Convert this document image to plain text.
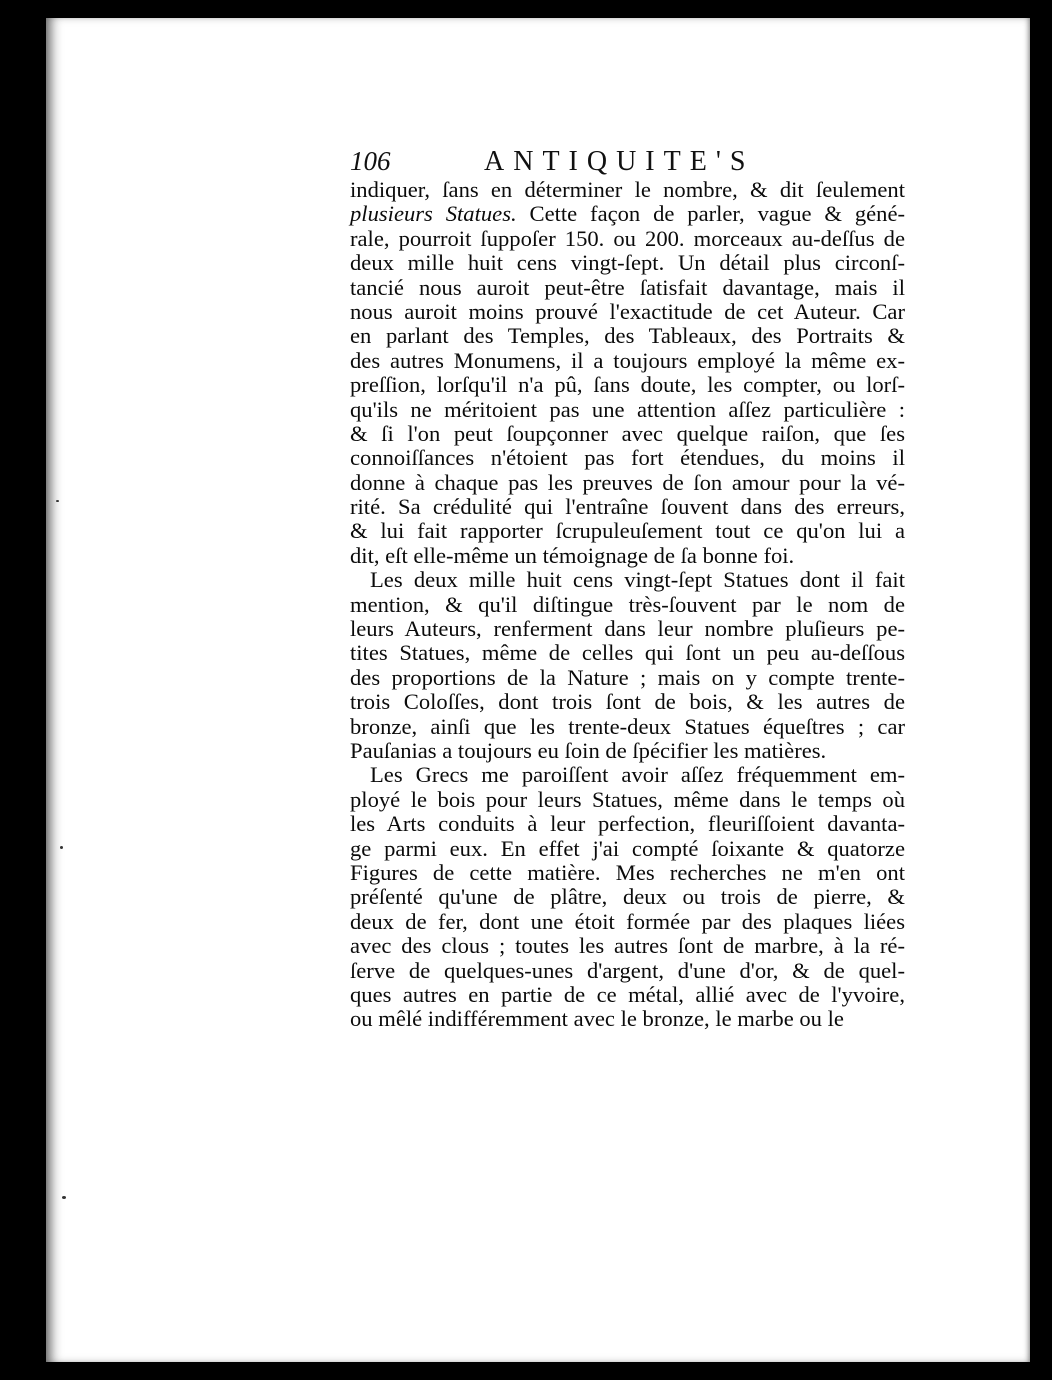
106	ANTIQUITE'S
indiquer, ſans en déterminer le nombre, & dit ſeulement
plusieurs Statues. Cette façon de parler, vague & géné-
rale, pourroit ſuppoſer 150. ou 200. morceaux au-deſſus de
deux mille huit cens vingt-ſept. Un détail plus circonſ-
tancié nous auroit peut-être ſatisfait davantage, mais il
nous auroit moins prouvé l'exactitude de cet Auteur. Car
en parlant des Temples, des Tableaux, des Portraits &
des autres Monumens, il a toujours employé la même ex-
preſſion, lorſqu'il n'a pû, ſans doute, les compter, ou lorſ-
qu'ils ne méritoient pas une attention aſſez particulière :
& ſi l'on peut ſoupçonner avec quelque raiſon, que ſes
connoiſſances n'étoient pas fort étendues, du moins il
donne à chaque pas les preuves de ſon amour pour la vé-
rité. Sa crédulité qui l'entraîne ſouvent dans des erreurs,
& lui fait rapporter ſcrupuleuſement tout ce qu'on lui a
dit, eſt elle-même un témoignage de ſa bonne foi.
Les deux mille huit cens vingt-ſept Statues dont il fait
mention, & qu'il diſtingue très-ſouvent par le nom de
leurs Auteurs, renferment dans leur nombre pluſieurs pe-
tites Statues, même de celles qui ſont un peu au-deſſous
des proportions de la Nature ; mais on y compte trente-
trois Coloſſes, dont trois ſont de bois, & les autres de
bronze, ainſi que les trente-deux Statues équeſtres ; car
Pauſanias a toujours eu ſoin de ſpécifier les matières.
Les Grecs me paroiſſent avoir aſſez fréquemment em-
ployé le bois pour leurs Statues, même dans le temps où
les Arts conduits à leur perfection, fleuriſſoient davanta-
ge parmi eux. En effet j'ai compté ſoixante & quatorze
Figures de cette matière. Mes recherches ne m'en ont
préſenté qu'une de plâtre, deux ou trois de pierre, &
deux de fer, dont une étoit formée par des plaques liées
avec des clous ; toutes les autres ſont de marbre, à la ré-
ſerve de quelques-unes d'argent, d'une d'or, & de quel-
ques autres en partie de ce métal, allié avec de l'yvoire,
ou mêlé indifféremment avec le bronze, le marbe ou le
